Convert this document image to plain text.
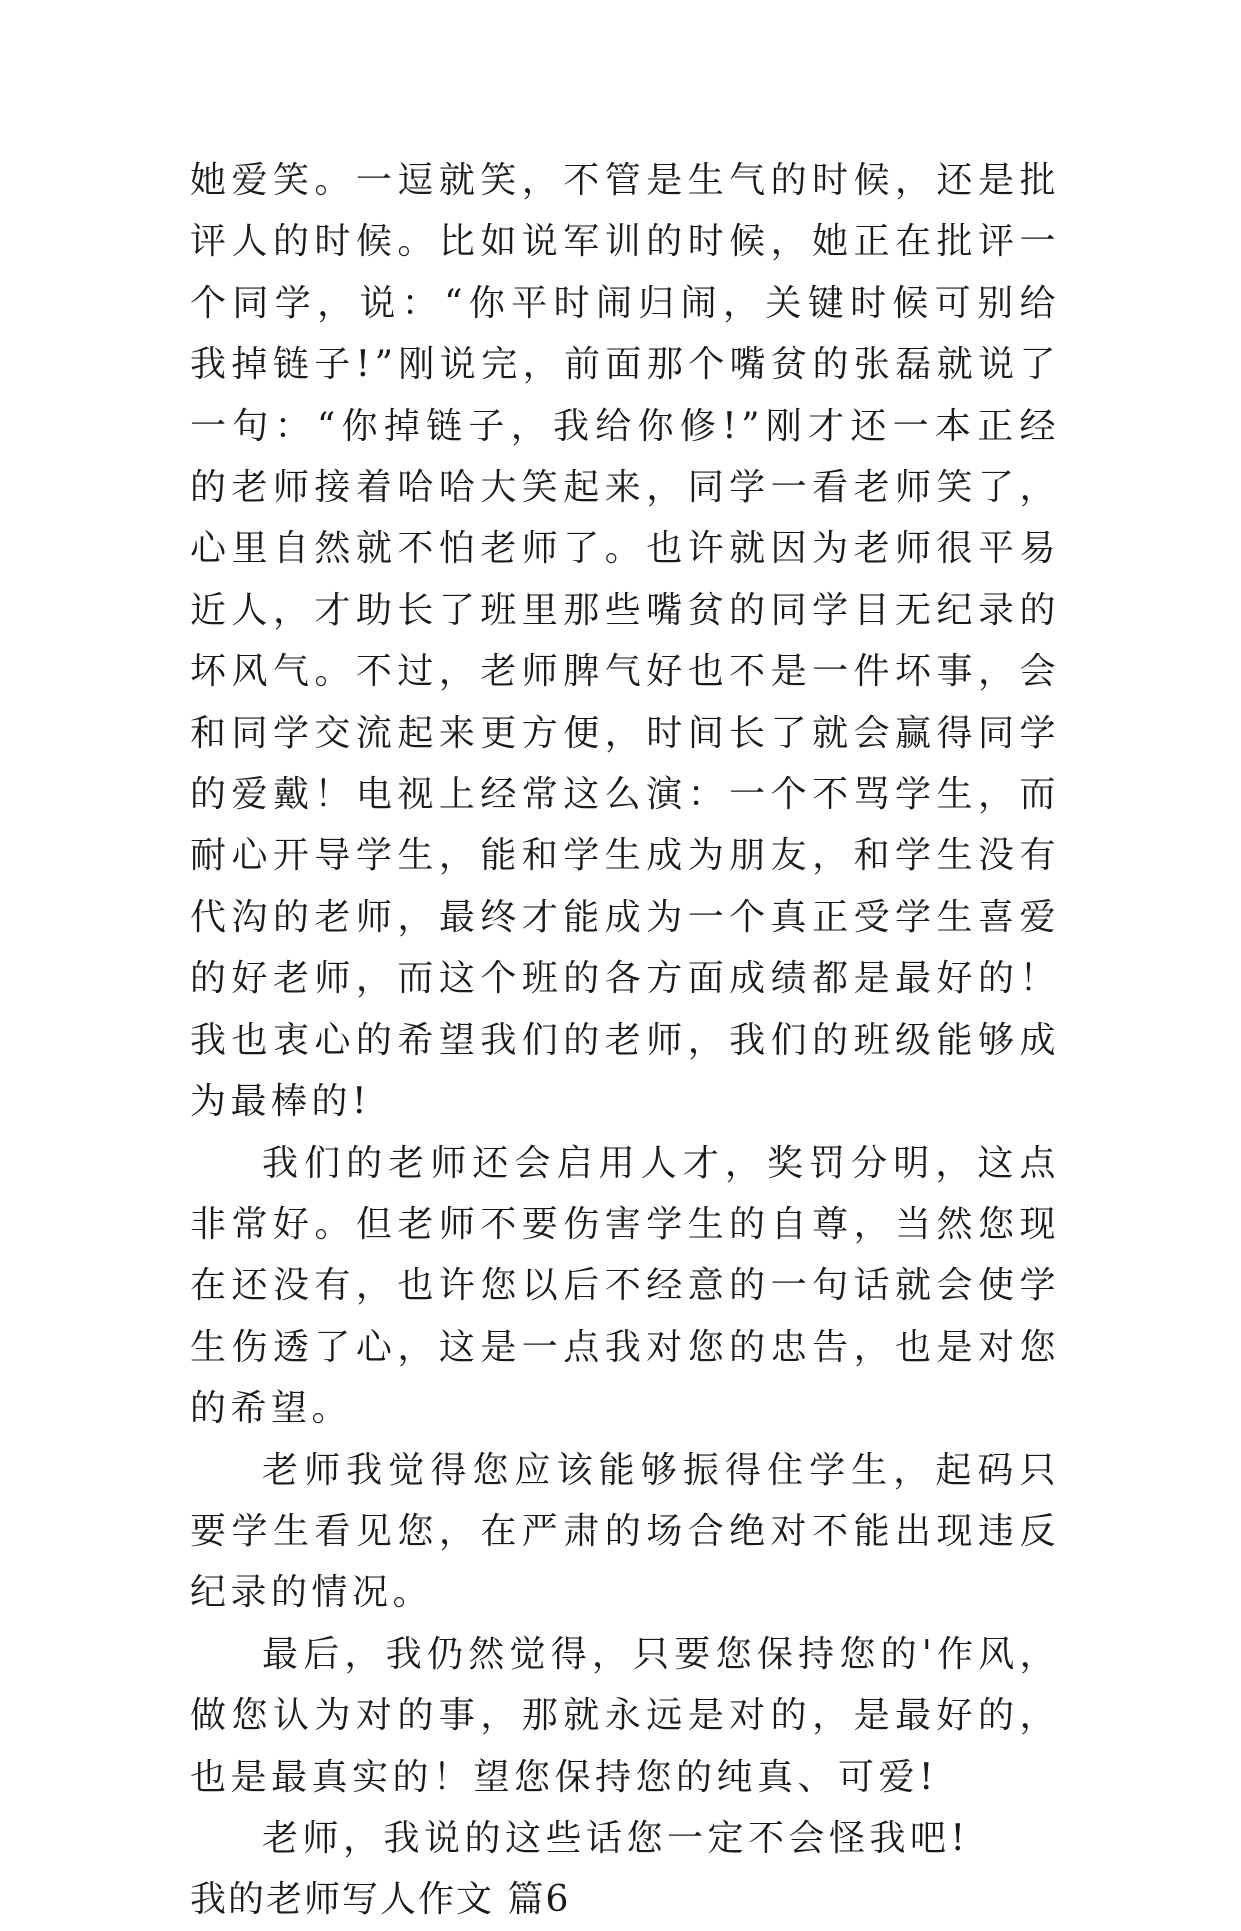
她爱笑。一逗就笑，不管是生气的时候，还是批评人的时候。比如说军训的时候，她正在批评一个同学，说：“你平时闹归闹，关键时候可别给我掉链子!”刚说完，前面那个嘴贫的张磊就说了一句：“你掉链子，我给你修!”刚才还一本正经的老师接着哈哈大笑起来，同学一看老师笑了，心里自然就不怕老师了。也许就因为老师很平易近人，才助长了班里那些嘴贫的同学目无纪录的坏风气。不过，老师脾气好也不是一件坏事，会和同学交流起来更方便，时间长了就会赢得同学的爱戴！电视上经常这么演：一个不骂学生，而耐心开导学生，能和学生成为朋友，和学生没有代沟的老师，最终才能成为一个真正受学生喜爱的好老师，而这个班的各方面成绩都是最好的！我也衷心的希望我们的老师，我们的班级能够成为最棒的!

我们的老师还会启用人才，奖罚分明，这点非常好。但老师不要伤害学生的自尊，当然您现在还没有，也许您以后不经意的一句话就会使学生伤透了心，这是一点我对您的忠告，也是对您的希望。

老师我觉得您应该能够振得住学生，起码只要学生看见您，在严肃的场合绝对不能出现违反纪录的情况。

最后，我仍然觉得，只要您保持您的'作风，做您认为对的事，那就永远是对的，是最好的，也是最真实的！望您保持您的纯真、可爱!

老师，我说的这些话您一定不会怪我吧!

我的老师写人作文 篇6
